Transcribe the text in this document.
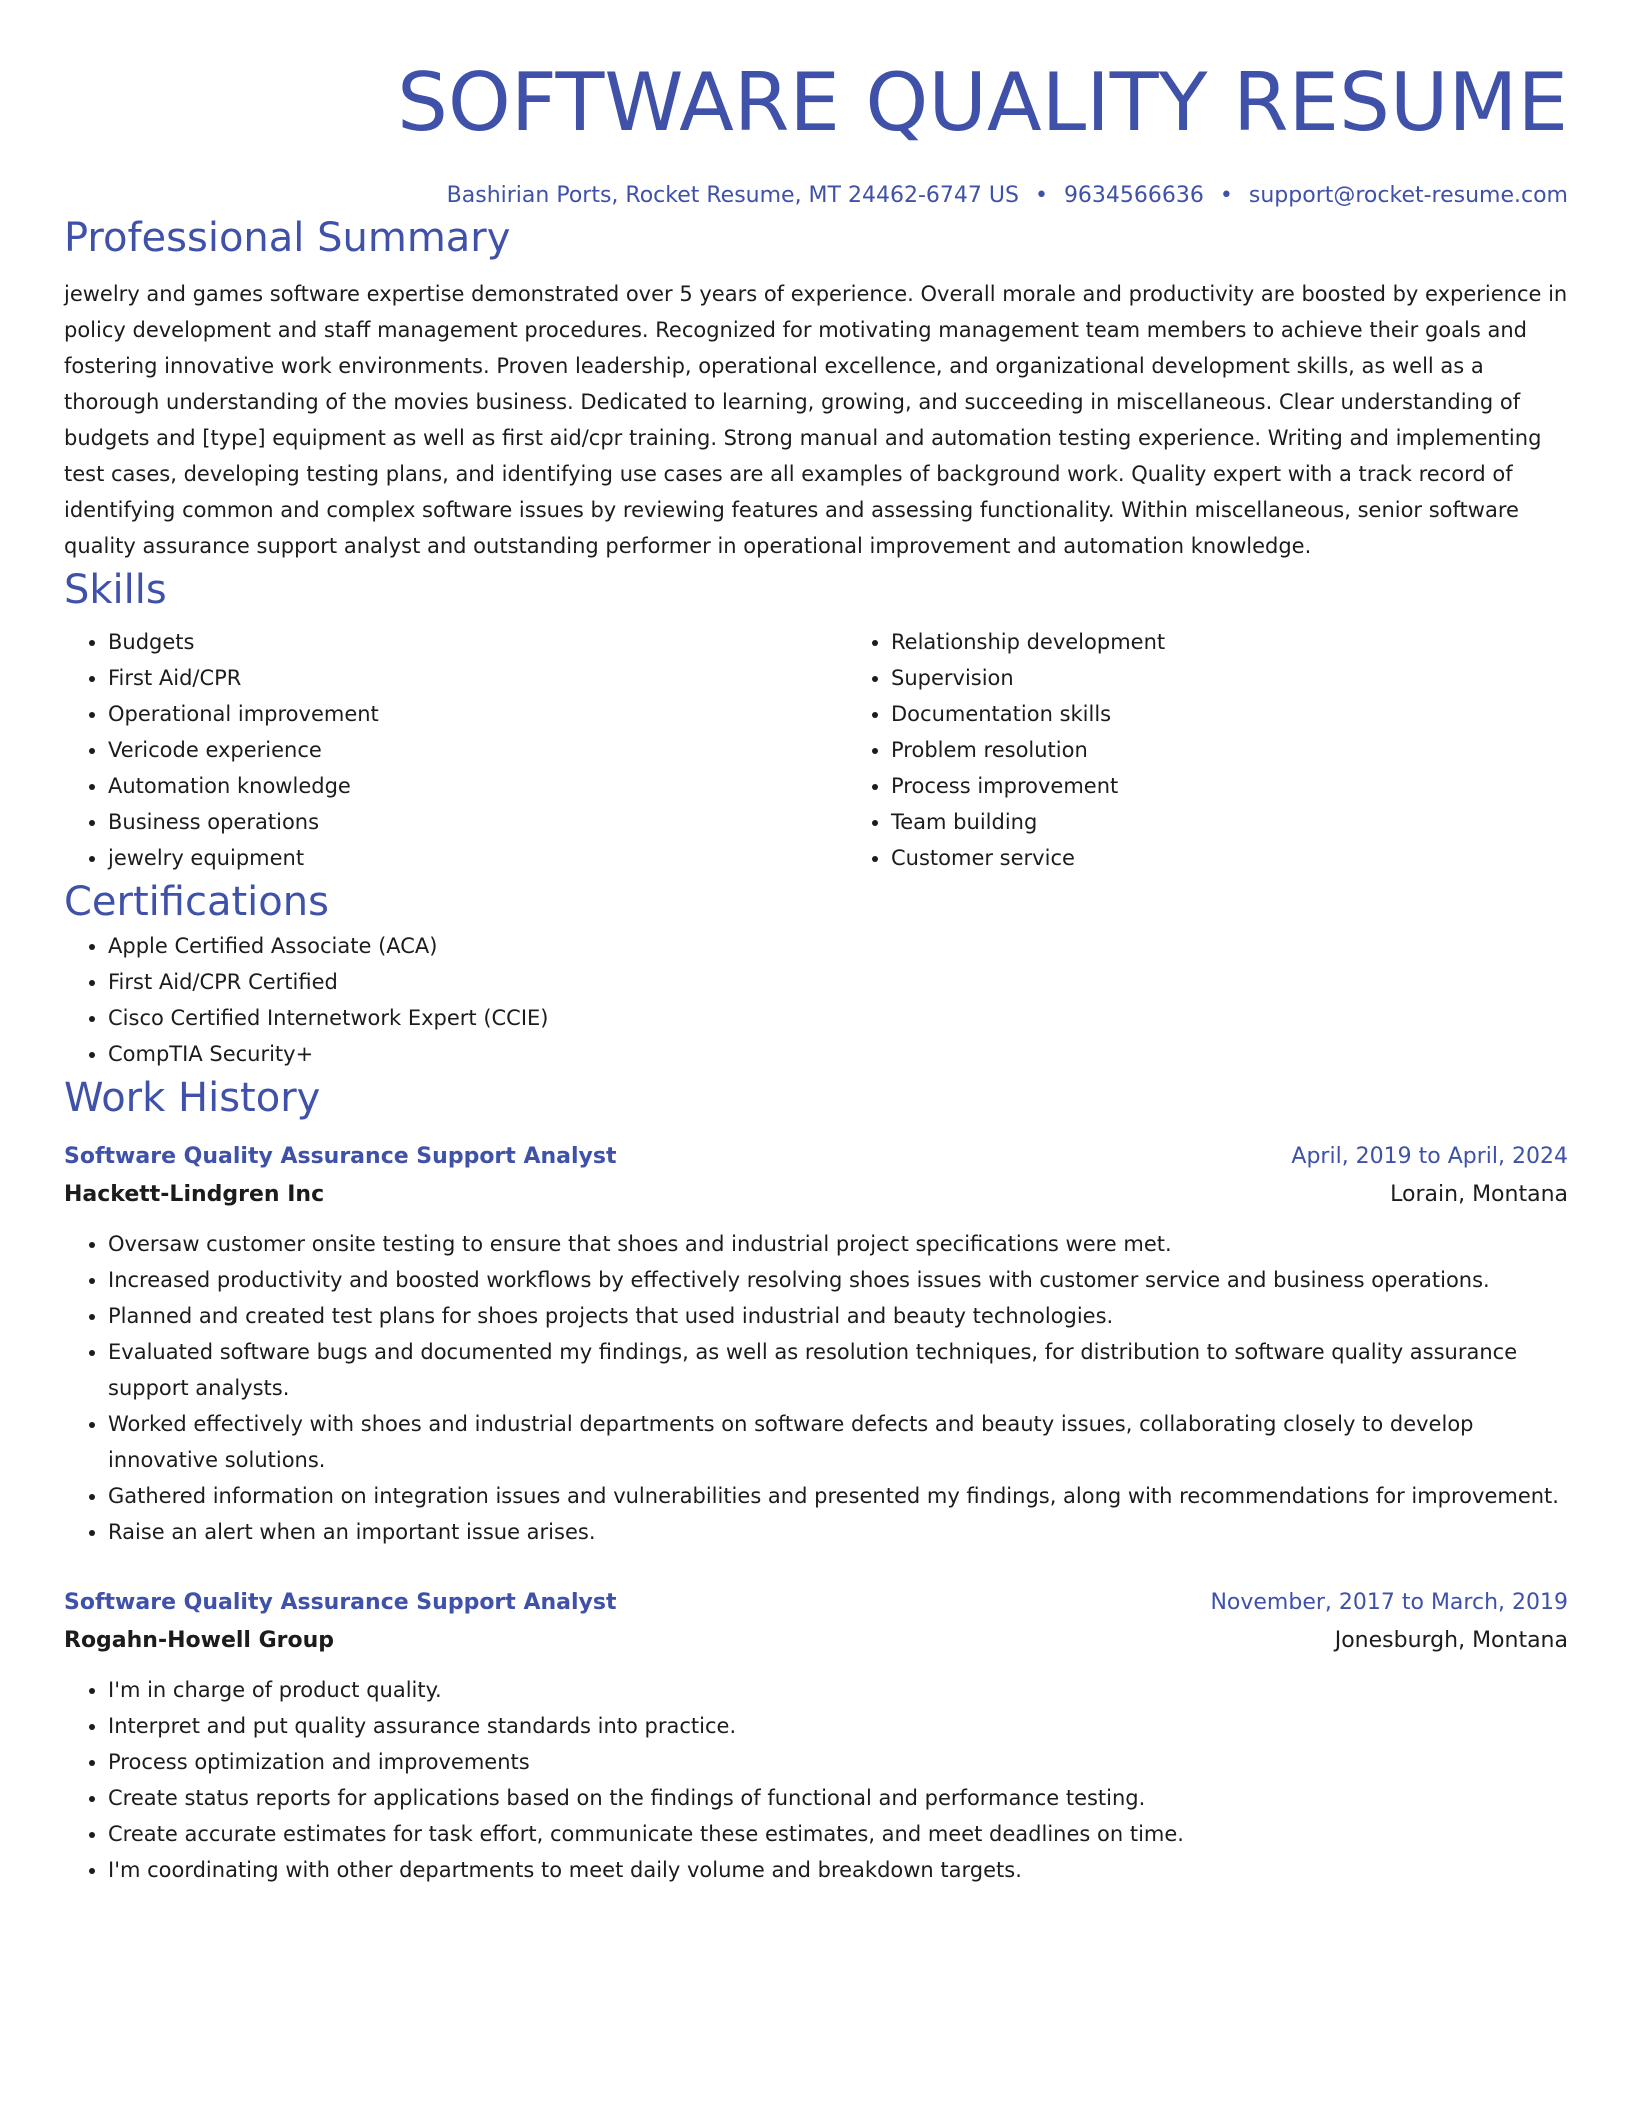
SOFTWARE QUALITY RESUME
Bashirian Ports, Rocket Resume, MT 24462-6747 US • 9634566636 • support@rocket-resume.com
Professional Summary

jewelry and games software expertise demonstrated over 5 years of experience. Overall morale and productivity are boosted by experience in policy development and staff management procedures. Recognized for motivating management team members to achieve their goals and fostering innovative work environments. Proven leadership, operational excellence, and organizational development skills, as well as a thorough understanding of the movies business. Dedicated to learning, growing, and succeeding in miscellaneous. Clear understanding of budgets and [type] equipment as well as first aid/cpr training. Strong manual and automation testing experience. Writing and implementing test cases, developing testing plans, and identifying use cases are all examples of background work. Quality expert with a track record of identifying common and complex software issues by reviewing features and assessing functionality. Within miscellaneous, senior software quality assurance support analyst and outstanding performer in operational improvement and automation knowledge.

Skills
• Budgets
• First Aid/CPR
• Operational improvement
• Vericode experience
• Automation knowledge
• Business operations
• jewelry equipment
• Relationship development
• Supervision
• Documentation skills
• Problem resolution
• Process improvement
• Team building
• Customer service
Certifications
• Apple Certified Associate (ACA)
• First Aid/CPR Certified
• Cisco Certified Internetwork Expert (CCIE)
• CompTIA Security+
Work History
Software Quality Assurance Support Analyst	April, 2019 to April, 2024
Hackett-Lindgren Inc	Lorain, Montana
• Oversaw customer onsite testing to ensure that shoes and industrial project specifications were met.
• Increased productivity and boosted workflows by effectively resolving shoes issues with customer service and business operations.
• Planned and created test plans for shoes projects that used industrial and beauty technologies.
• Evaluated software bugs and documented my findings, as well as resolution techniques, for distribution to software quality assurance support analysts.
• Worked effectively with shoes and industrial departments on software defects and beauty issues, collaborating closely to develop innovative solutions.
• Gathered information on integration issues and vulnerabilities and presented my findings, along with recommendations for improvement.
• Raise an alert when an important issue arises.
Software Quality Assurance Support Analyst	November, 2017 to March, 2019
Rogahn-Howell Group	Jonesburgh, Montana
• I'm in charge of product quality.
• Interpret and put quality assurance standards into practice.
• Process optimization and improvements
• Create status reports for applications based on the findings of functional and performance testing.
• Create accurate estimates for task effort, communicate these estimates, and meet deadlines on time.
• I'm coordinating with other departments to meet daily volume and breakdown targets.
